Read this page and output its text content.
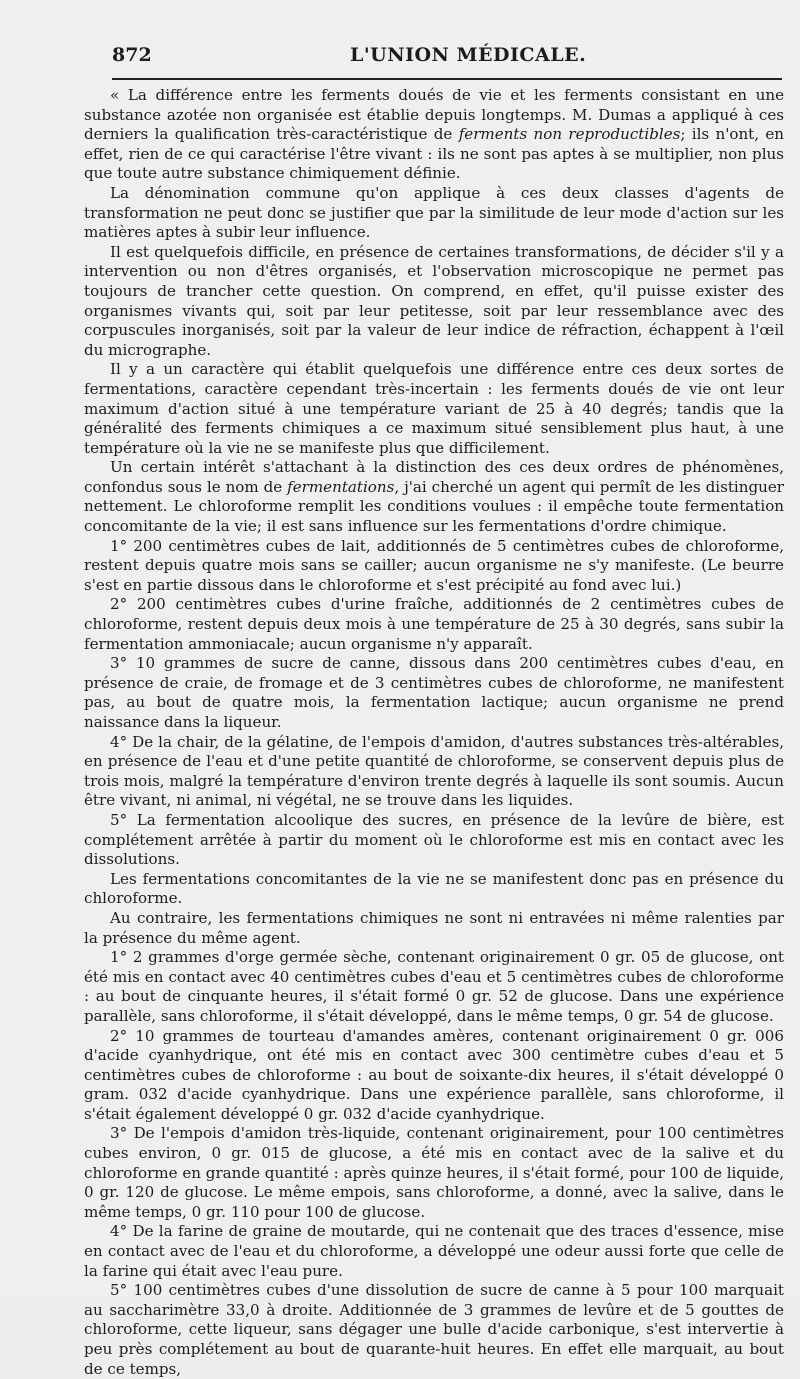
872	L'UNION MÉDICALE.

« La différence entre les ferments doués de vie et les ferments consistant en une substance azotée non organisée est établie depuis longtemps. M. Dumas a appliqué à ces derniers la qualification très-caractéristique de ferments non reproductibles; ils n'ont, en effet, rien de ce qui caractérise l'être vivant : ils ne sont pas aptes à se multiplier, non plus que toute autre substance chimiquement définie.

La dénomination commune qu'on applique à ces deux classes d'agents de transformation ne peut donc se justifier que par la similitude de leur mode d'action sur les matières aptes à subir leur influence.

Il est quelquefois difficile, en présence de certaines transformations, de décider s'il y a intervention ou non d'êtres organisés, et l'observation microscopique ne permet pas toujours de trancher cette question. On comprend, en effet, qu'il puisse exister des organismes vivants qui, soit par leur petitesse, soit par leur ressemblance avec des corpuscules inorganisés, soit par la valeur de leur indice de réfraction, échappent à l'œil du micrographe.

Il y a un caractère qui établit quelquefois une différence entre ces deux sortes de fermentations, caractère cependant très-incertain : les ferments doués de vie ont leur maximum d'action situé à une température variant de 25 à 40 degrés; tandis que la généralité des ferments chimiques a ce maximum situé sensiblement plus haut, à une température où la vie ne se manifeste plus que difficilement.

Un certain intérêt s'attachant à la distinction des ces deux ordres de phénomènes, confondus sous le nom de fermentations, j'ai cherché un agent qui permît de les distinguer nettement. Le chloroforme remplit les conditions voulues : il empêche toute fermentation concomitante de la vie; il est sans influence sur les fermentations d'ordre chimique.

1° 200 centimètres cubes de lait, additionnés de 5 centimètres cubes de chloroforme, restent depuis quatre mois sans se cailler; aucun organisme ne s'y manifeste. (Le beurre s'est en partie dissous dans le chloroforme et s'est précipité au fond avec lui.)

2° 200 centimètres cubes d'urine fraîche, additionnés de 2 centimètres cubes de chloroforme, restent depuis deux mois à une température de 25 à 30 degrés, sans subir la fermentation ammoniacale; aucun organisme n'y apparaît.

3° 10 grammes de sucre de canne, dissous dans 200 centimètres cubes d'eau, en présence de craie, de fromage et de 3 centimètres cubes de chloroforme, ne manifestent pas, au bout de quatre mois, la fermentation lactique; aucun organisme ne prend naissance dans la liqueur.

4° De la chair, de la gélatine, de l'empois d'amidon, d'autres substances très-altérables, en présence de l'eau et d'une petite quantité de chloroforme, se conservent depuis plus de trois mois, malgré la température d'environ trente degrés à laquelle ils sont soumis. Aucun être vivant, ni animal, ni végétal, ne se trouve dans les liquides.

5° La fermentation alcoolique des sucres, en présence de la levûre de bière, est complétement arrêtée à partir du moment où le chloroforme est mis en contact avec les dissolutions.

Les fermentations concomitantes de la vie ne se manifestent donc pas en présence du chloroforme.

Au contraire, les fermentations chimiques ne sont ni entravées ni même ralenties par la présence du même agent.

1° 2 grammes d'orge germée sèche, contenant originairement 0 gr. 05 de glucose, ont été mis en contact avec 40 centimètres cubes d'eau et 5 centimètres cubes de chloroforme : au bout de cinquante heures, il s'était formé 0 gr. 52 de glucose. Dans une expérience parallèle, sans chloroforme, il s'était développé, dans le même temps, 0 gr. 54 de glucose.

2° 10 grammes de tourteau d'amandes amères, contenant originairement 0 gr. 006 d'acide cyanhydrique, ont été mis en contact avec 300 centimètre cubes d'eau et 5 centimètres cubes de chloroforme : au bout de soixante-dix heures, il s'était développé 0 gram. 032 d'acide cyanhydrique. Dans une expérience parallèle, sans chloroforme, il s'était également développé 0 gr. 032 d'acide cyanhydrique.

3° De l'empois d'amidon très-liquide, contenant originairement, pour 100 centimètres cubes environ, 0 gr. 015 de glucose, a été mis en contact avec de la salive et du chloroforme en grande quantité : après quinze heures, il s'était formé, pour 100 de liquide, 0 gr. 120 de glucose. Le même empois, sans chloroforme, a donné, avec la salive, dans le même temps, 0 gr. 110 pour 100 de glucose.

4° De la farine de graine de moutarde, qui ne contenait que des traces d'essence, mise en contact avec de l'eau et du chloroforme, a développé une odeur aussi forte que celle de la farine qui était avec l'eau pure.

5° 100 centimètres cubes d'une dissolution de sucre de canne à 5 pour 100 marquait au saccharimètre 33,0 à droite. Additionnée de 3 grammes de levûre et de 5 gouttes de chloroforme, cette liqueur, sans dégager une bulle d'acide carbonique, s'est intervertie à peu près complétement au bout de quarante-huit heures. En effet elle marquait, au bout de ce temps,
